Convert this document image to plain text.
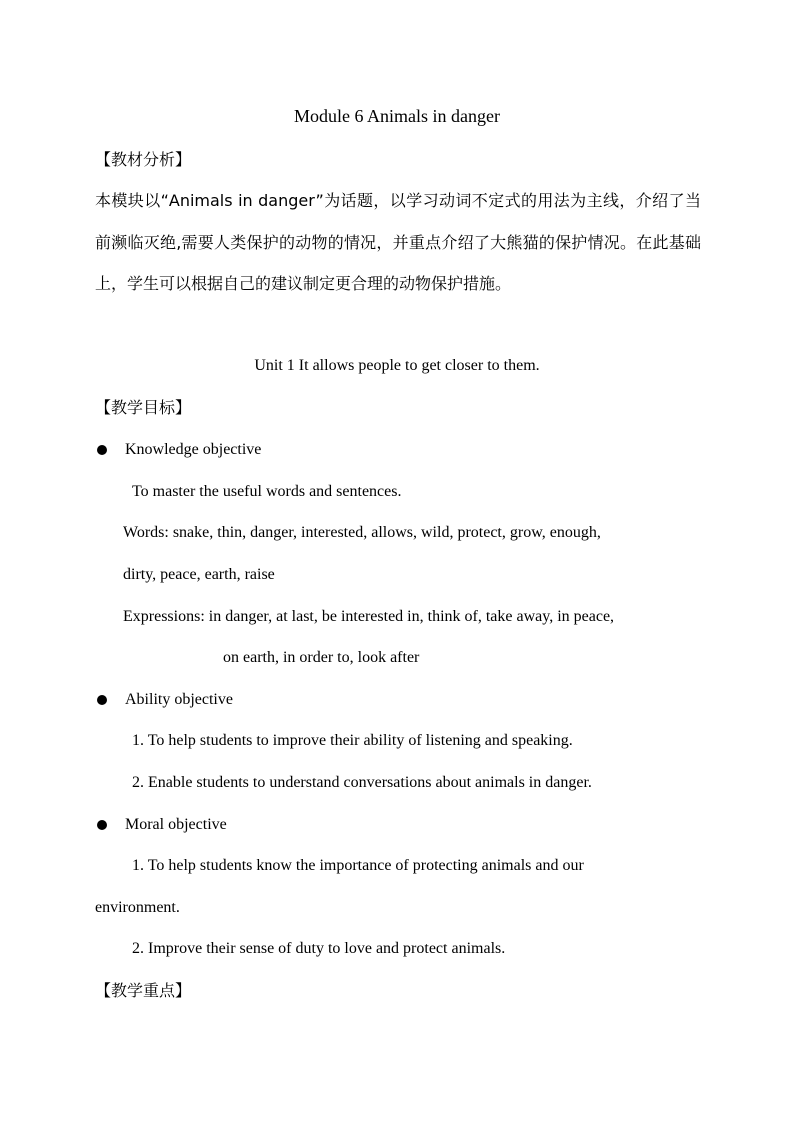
Module 6 Animals in danger
【教材分析】
本模块以“Animals in danger”为话题，以学习动词不定式的用法为主线，介绍了当前濒临灭绝,需要人类保护的动物的情况，并重点介绍了大熊猫的保护情况。在此基础上，学生可以根据自己的建议制定更合理的动物保护措施。
Unit 1 It allows people to get closer to them.
【教学目标】
Knowledge objective
To master the useful words and sentences.
Words: snake, thin, danger, interested, allows, wild, protect, grow, enough,
dirty, peace, earth, raise
Expressions: in danger, at last, be interested in, think of, take away, in peace,
on earth, in order to, look after
Ability objective
1. To help students to improve their ability of listening and speaking.
2. Enable students to understand conversations about animals in danger.
Moral objective
1. To help students know the importance of protecting animals and our
environment.
2. Improve their sense of duty to love and protect animals.
【教学重点】
